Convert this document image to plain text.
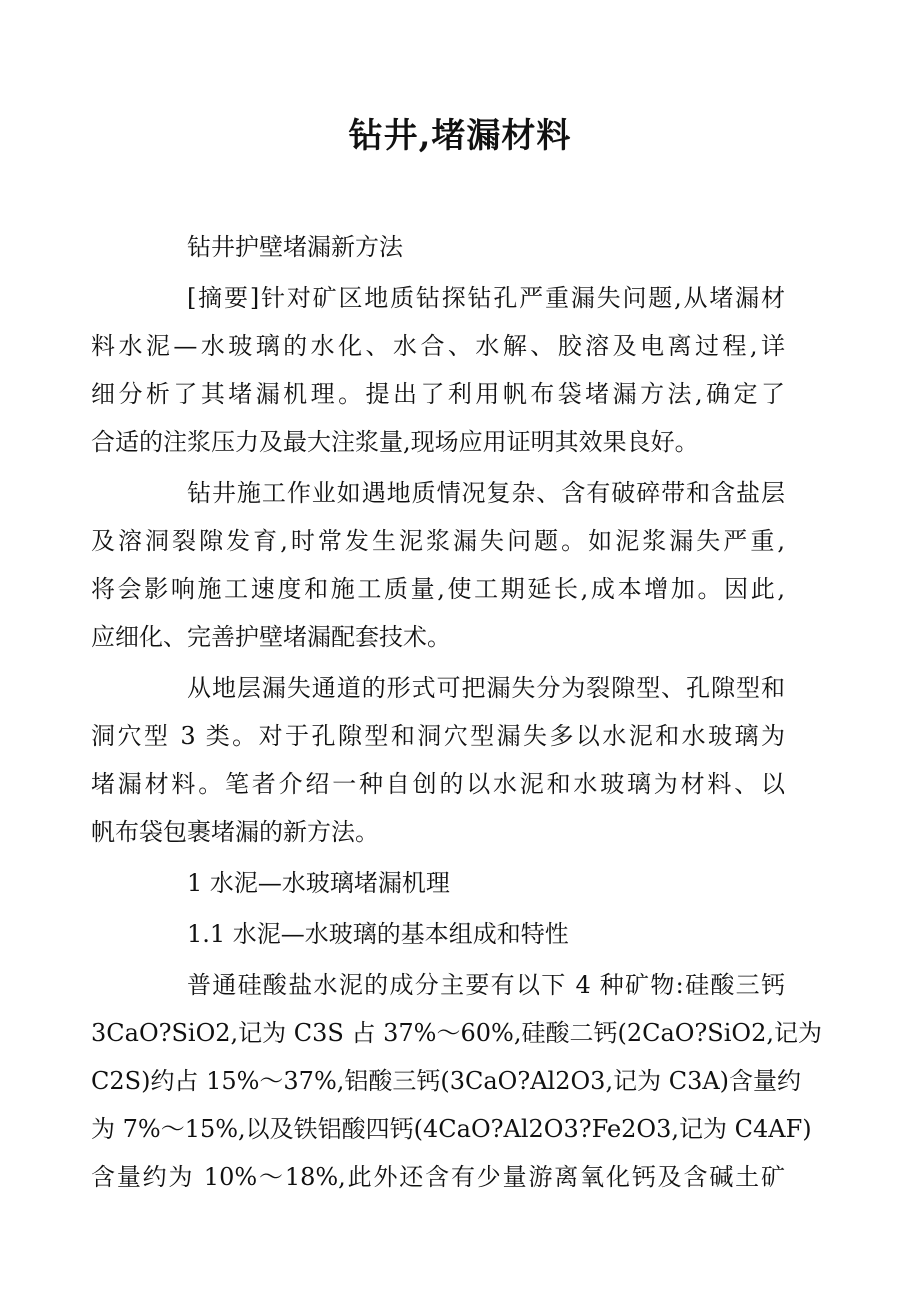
钻井,堵漏材料

钻井护壁堵漏新方法

[摘要]针对矿区地质钻探钻孔严重漏失问题,从堵漏材
料水泥—水玻璃的水化、水合、水解、胶溶及电离过程,详
细分析了其堵漏机理。提出了利用帆布袋堵漏方法,确定了
合适的注浆压力及最大注浆量,现场应用证明其效果良好。

钻井施工作业如遇地质情况复杂、含有破碎带和含盐层
及溶洞裂隙发育,时常发生泥浆漏失问题。如泥浆漏失严重,
将会影响施工速度和施工质量,使工期延长,成本增加。因此,
应细化、完善护壁堵漏配套技术。

从地层漏失通道的形式可把漏失分为裂隙型、孔隙型和
洞穴型 3 类。对于孔隙型和洞穴型漏失多以水泥和水玻璃为
堵漏材料。笔者介绍一种自创的以水泥和水玻璃为材料、以
帆布袋包裹堵漏的新方法。

1 水泥—水玻璃堵漏机理

1.1 水泥—水玻璃的基本组成和特性

普通硅酸盐水泥的成分主要有以下 4 种矿物:硅酸三钙
3CaO?SiO2,记为 C3S 占 37%～60%,硅酸二钙(2CaO?SiO2,记为
C2S)约占 15%～37%,铝酸三钙(3CaO?Al2O3,记为 C3A)含量约
为 7%～15%,以及铁铝酸四钙(4CaO?Al2O3?Fe2O3,记为 C4AF)
含量约为 10%～18%,此外还含有少量游离氧化钙及含碱土矿
